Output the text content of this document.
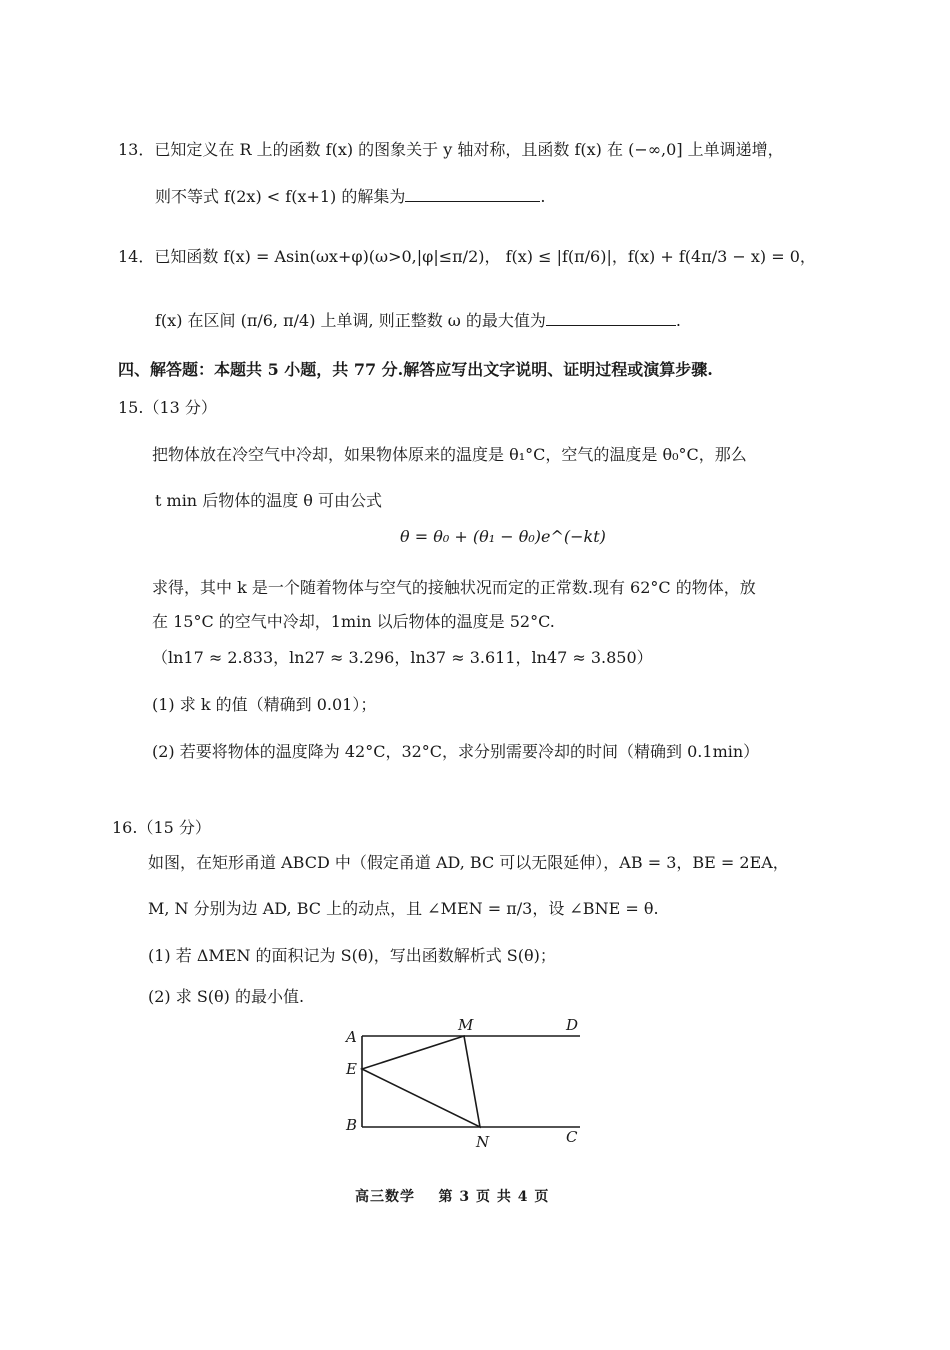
13．已知定义在 R 上的函数 f(x) 的图象关于 y 轴对称，且函数 f(x) 在 (−∞,0] 上单调递增，
则不等式 f(2x) < f(x+1) 的解集为	.
14．已知函数 f(x) = Asin(ωx+φ)(ω>0,|φ|≤π/2)， f(x) ≤ |f(π/6)|，f(x) + f(4π/3 − x) = 0，
f(x) 在区间 (π/6, π/4) 上单调, 则正整数 ω 的最大值为	.
四、解答题：本题共 5 小题，共 77 分.解答应写出文字说明、证明过程或演算步骤.
15.（13 分）
把物体放在冷空气中冷却，如果物体原来的温度是 θ₁°C，空气的温度是 θ₀°C，那么
t min 后物体的温度 θ 可由公式
θ = θ₀ + (θ₁ − θ₀)e^(−kt)
求得，其中 k 是一个随着物体与空气的接触状况而定的正常数.现有 62°C 的物体，放
在 15°C 的空气中冷却，1min 以后物体的温度是 52°C.
（ln17 ≈ 2.833，ln27 ≈ 3.296，ln37 ≈ 3.611，ln47 ≈ 3.850）
(1) 求 k 的值（精确到 0.01）；
(2) 若要将物体的温度降为 42°C，32°C，求分别需要冷却的时间（精确到 0.1min）
16.（15 分）
如图，在矩形甬道 ABCD 中（假定甬道 AD, BC 可以无限延伸），AB = 3，BE = 2EA，
M, N 分别为边 AD, BC 上的动点，且 ∠MEN = π/3，设 ∠BNE = θ.
(1) 若 ΔMEN 的面积记为 S(θ)，写出函数解析式 S(θ)；
(2) 求 S(θ) 的最小值.
A
M	D
E
B
N	C
高三数学    第 3 页 共 4 页
